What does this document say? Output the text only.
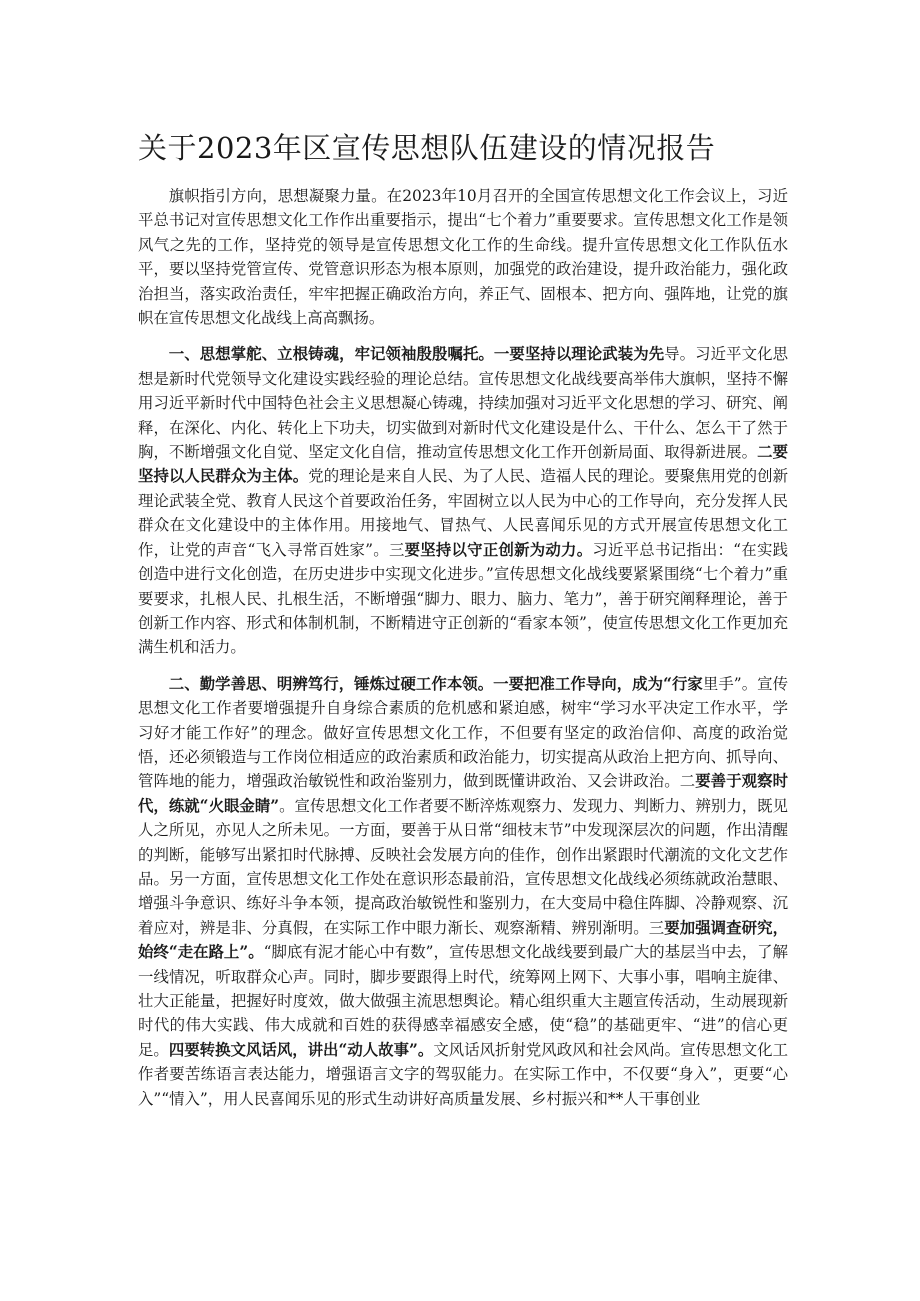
关于2023年区宣传思想队伍建设的情况报告

旗帜指引方向，思想凝聚力量。在2023年10月召开的全国宣传思想文化工作会议上，习近平总书记对宣传思想文化工作作出重要指示，提出“七个着力”重要要求。宣传思想文化工作是领风气之先的工作，坚持党的领导是宣传思想文化工作的生命线。提升宣传思想文化工作队伍水平，要以坚持党管宣传、党管意识形态为根本原则，加强党的政治建设，提升政治能力，强化政治担当，落实政治责任，牢牢把握正确政治方向，养正气、固根本、把方向、强阵地，让党的旗帜在宣传思想文化战线上高高飘扬。

一、思想掌舵、立根铸魂，牢记领袖殷殷嘱托。一要坚持以理论武装为先导。习近平文化思想是新时代党领导文化建设实践经验的理论总结。宣传思想文化战线要高举伟大旗帜，坚持不懈用习近平新时代中国特色社会主义思想凝心铸魂，持续加强对习近平文化思想的学习、研究、阐释，在深化、内化、转化上下功夫，切实做到对新时代文化建设是什么、干什么、怎么干了然于胸，不断增强文化自觉、坚定文化自信，推动宣传思想文化工作开创新局面、取得新进展。二要坚持以人民群众为主体。党的理论是来自人民、为了人民、造福人民的理论。要聚焦用党的创新理论武装全党、教育人民这个首要政治任务，牢固树立以人民为中心的工作导向，充分发挥人民群众在文化建设中的主体作用。用接地气、冒热气、人民喜闻乐见的方式开展宣传思想文化工作，让党的声音“飞入寻常百姓家”。三要坚持以守正创新为动力。习近平总书记指出：“在实践创造中进行文化创造，在历史进步中实现文化进步。”宣传思想文化战线要紧紧围绕“七个着力”重要要求，扎根人民、扎根生活，不断增强“脚力、眼力、脑力、笔力”，善于研究阐释理论，善于创新工作内容、形式和体制机制，不断精进守正创新的“看家本领”，使宣传思想文化工作更加充满生机和活力。

二、勤学善思、明辨笃行，锤炼过硬工作本领。一要把准工作导向，成为“行家里手”。宣传思想文化工作者要增强提升自身综合素质的危机感和紧迫感，树牢“学习水平决定工作水平，学习好才能工作好”的理念。做好宣传思想文化工作，不但要有坚定的政治信仰、高度的政治觉悟，还必须锻造与工作岗位相适应的政治素质和政治能力，切实提高从政治上把方向、抓导向、管阵地的能力，增强政治敏锐性和政治鉴别力，做到既懂讲政治、又会讲政治。二要善于观察时代，练就“火眼金睛”。宣传思想文化工作者要不断淬炼观察力、发现力、判断力、辨别力，既见人之所见，亦见人之所未见。一方面，要善于从日常“细枝末节”中发现深层次的问题，作出清醒的判断，能够写出紧扣时代脉搏、反映社会发展方向的佳作，创作出紧跟时代潮流的文化文艺作品。另一方面，宣传思想文化工作处在意识形态最前沿，宣传思想文化战线必须练就政治慧眼、增强斗争意识、练好斗争本领，提高政治敏锐性和鉴别力，在大变局中稳住阵脚、冷静观察、沉着应对，辨是非、分真假，在实际工作中眼力渐长、观察渐精、辨别渐明。三要加强调查研究，始终“走在路上”。“脚底有泥才能心中有数”，宣传思想文化战线要到最广大的基层当中去，了解一线情况，听取群众心声。同时，脚步要跟得上时代，统筹网上网下、大事小事，唱响主旋律、壮大正能量，把握好时度效，做大做强主流思想舆论。精心组织重大主题宣传活动，生动展现新时代的伟大实践、伟大成就和百姓的获得感幸福感安全感，使“稳”的基础更牢、“进”的信心更足。四要转换文风话风，讲出“动人故事”。文风话风折射党风政风和社会风尚。宣传思想文化工作者要苦练语言表达能力，增强语言文字的驾驭能力。在实际工作中，不仅要“身入”，更要“心入”“情入”，用人民喜闻乐见的形式生动讲好高质量发展、乡村振兴和**人干事创业
